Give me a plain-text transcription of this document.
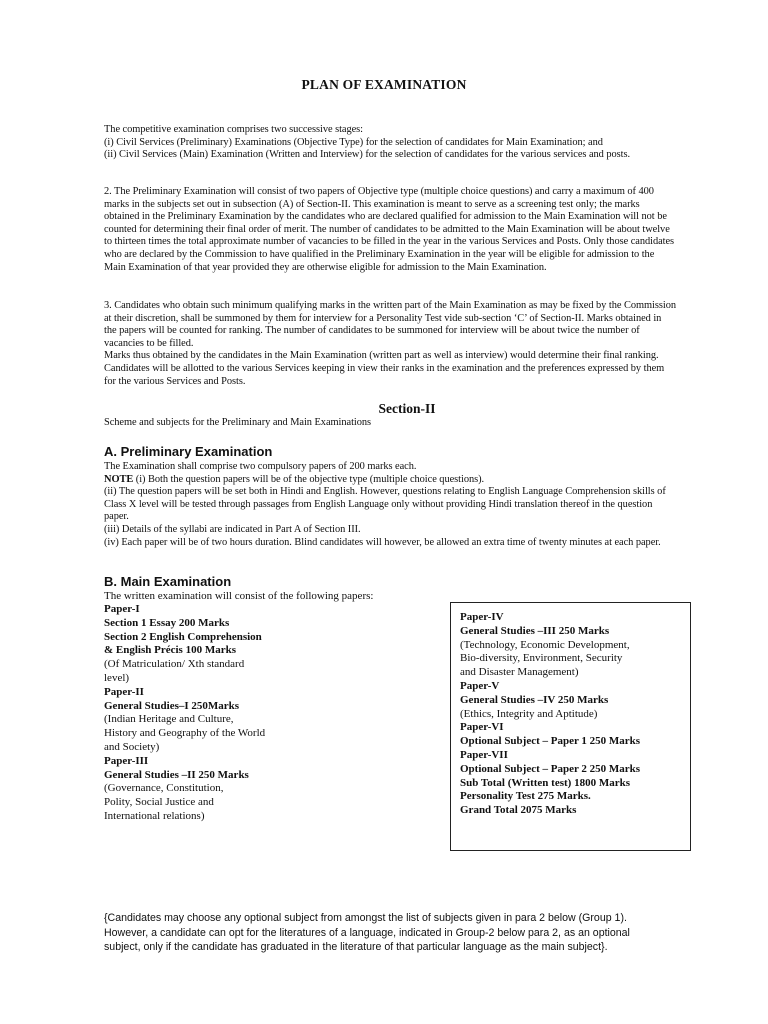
PLAN OF EXAMINATION

The competitive examination comprises two successive stages:

(i) Civil Services (Preliminary) Examinations (Objective Type) for the selection of candidates for Main Examination; and

(ii) Civil Services (Main) Examination (Written and Interview) for the selection of candidates for the various services and posts.

2. The Preliminary Examination will consist of two papers of Objective type (multiple choice questions) and carry a maximum of 400 marks in the subjects set out in subsection (A) of Section-II. This examination is meant to serve as a screening test only; the marks obtained in the Preliminary Examination by the candidates who are declared qualified for admission to the Main Examination will not be counted for determining their final order of merit. The number of candidates to be admitted to the Main Examination will be about twelve to thirteen times the total approximate number of vacancies to be filled in the year in the various Services and Posts. Only those candidates who are declared by the Commission to have qualified in the Preliminary Examination in the year will be eligible for admission to the Main Examination of that year provided they are otherwise eligible for admission to the Main Examination.

3. Candidates who obtain such minimum qualifying marks in the written part of the Main Examination as may be fixed by the Commission at their discretion, shall be summoned by them for interview for a Personality Test vide sub-section ‘C’ of Section-II. Marks obtained in the papers will be counted for ranking. The number of candidates to be summoned for interview will be about twice the number of vacancies to be filled.

Marks thus obtained by the candidates in the Main Examination (written part as well as interview) would determine their final ranking. Candidates will be allotted to the various Services keeping in view their ranks in the examination and the preferences expressed by them for the various Services and Posts.

Section-II
Scheme and subjects for the Preliminary and Main Examinations
A. Preliminary Examination

The Examination shall comprise two compulsory papers of 200 marks each.

NOTE (i) Both the question papers will be of the objective type (multiple choice questions).

(ii) The question papers will be set both in Hindi and English. However, questions relating to English Language Comprehension skills of Class X level will be tested through passages from English Language only without providing Hindi translation thereof in the question paper.

(iii) Details of the syllabi are indicated in Part A of Section III.

(iv) Each paper will be of two hours duration. Blind candidates will however, be allowed an extra time of twenty minutes at each paper.

B. Main Examination
The written examination will consist of the following papers:
Paper-I
Section 1 Essay 200 Marks
Section 2 English Comprehension
& English Précis 100 Marks
(Of Matriculation/ Xth standard
level)
Paper-II
General Studies–I 250Marks
(Indian Heritage and Culture,
History and Geography of the World
and Society)
Paper-III
General Studies –II 250 Marks
(Governance, Constitution,
Polity, Social Justice and
International relations)
Paper-IV
General Studies –III 250 Marks
(Technology, Economic Development,
Bio-diversity, Environment, Security
and Disaster Management)
Paper-V
General Studies –IV 250 Marks
(Ethics, Integrity and Aptitude)
Paper-VI
Optional Subject – Paper 1 250 Marks
Paper-VII
Optional Subject – Paper 2 250 Marks
Sub Total (Written test) 1800 Marks
Personality Test 275 Marks.
Grand Total 2075 Marks
{Candidates may choose any optional subject from amongst the list of subjects given in para 2 below (Group 1). However, a candidate can opt for the literatures of a language, indicated in Group-2 below para 2, as an optional subject, only if the candidate has graduated in the literature of that particular language as the main subject}.
